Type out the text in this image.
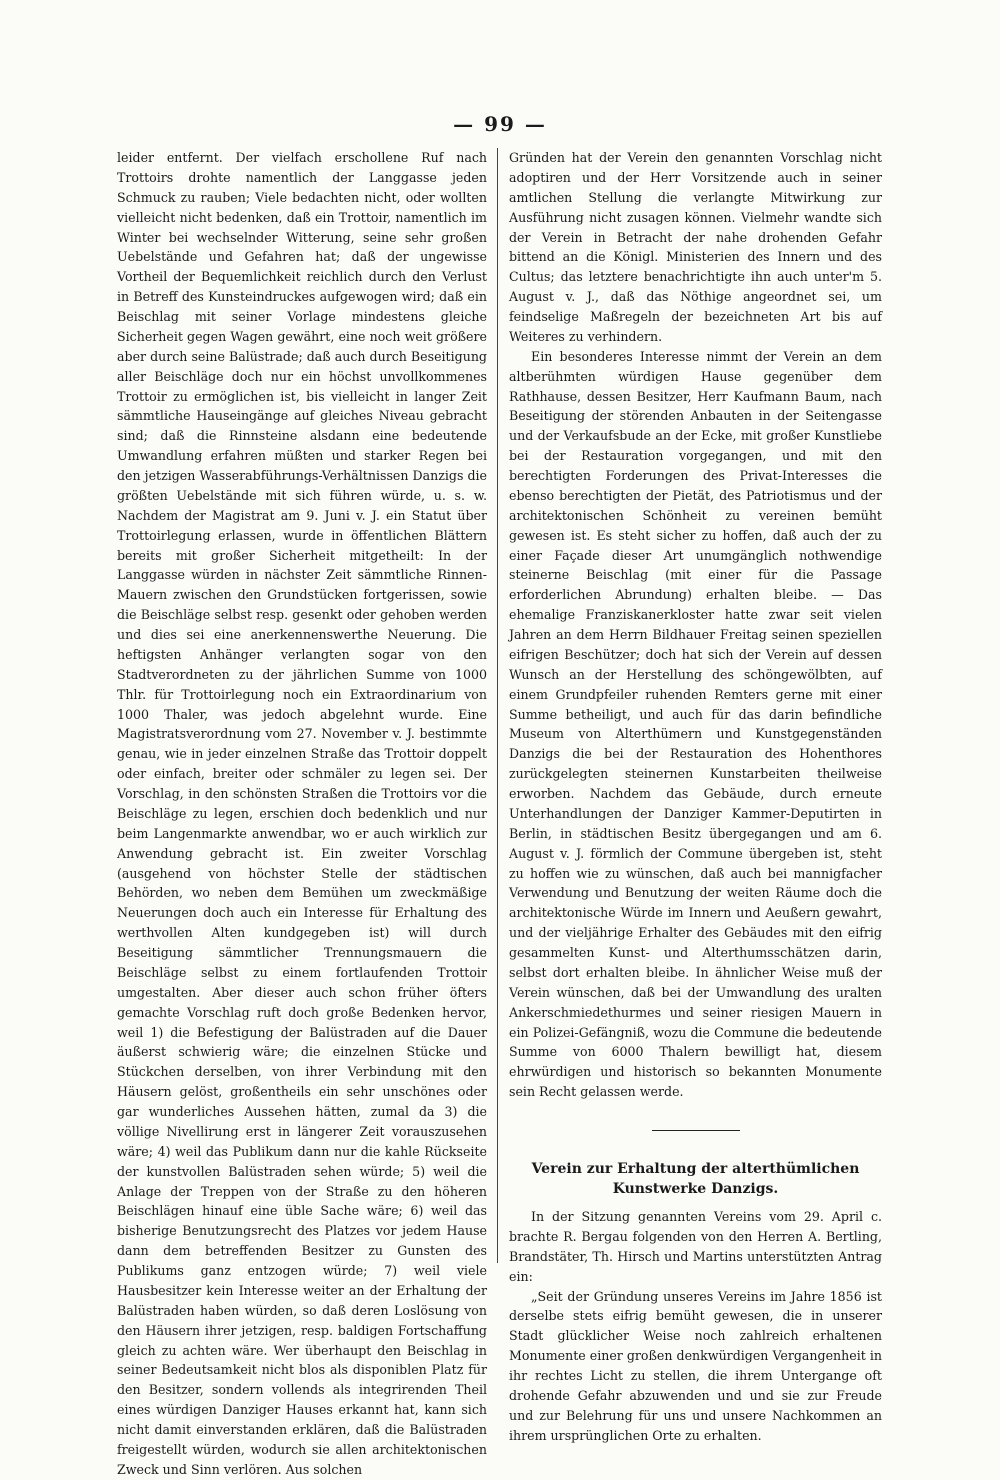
— 99 —

leider entfernt. Der vielfach erschollene Ruf nach Trottoirs drohte namentlich der Langgasse jeden Schmuck zu rauben; Viele bedachten nicht, oder wollten vielleicht nicht bedenken, daß ein Trottoir, namentlich im Winter bei wechselnder Witterung, seine sehr großen Uebelstände und Gefahren hat; daß der ungewisse Vortheil der Bequemlichkeit reichlich durch den Verlust in Betreff des Kunsteindruckes aufgewogen wird; daß ein Beischlag mit seiner Vorlage mindestens gleiche Sicherheit gegen Wagen gewährt, eine noch weit größere aber durch seine Balüstrade; daß auch durch Beseitigung aller Beischläge doch nur ein höchst unvollkommenes Trottoir zu ermöglichen ist, bis vielleicht in langer Zeit sämmtliche Hauseingänge auf gleiches Niveau gebracht sind; daß die Rinnsteine alsdann eine bedeutende Umwandlung erfahren müßten und starker Regen bei den jetzigen Wasserabführungs-Verhältnissen Danzigs die größten Uebelstände mit sich führen würde, u. s. w. Nachdem der Magistrat am 9. Juni v. J. ein Statut über Trottoirlegung erlassen, wurde in öffentlichen Blättern bereits mit großer Sicherheit mitgetheilt: In der Langgasse würden in nächster Zeit sämmtliche Rinnen-Mauern zwischen den Grundstücken fortgerissen, sowie die Beischläge selbst resp. gesenkt oder gehoben werden und dies sei eine anerkennenswerthe Neuerung. Die heftigsten Anhänger verlangten sogar von den Stadtverordneten zu der jährlichen Summe von 1000 Thlr. für Trottoirlegung noch ein Extraordinarium von 1000 Thaler, was jedoch abgelehnt wurde. Eine Magistratsverordnung vom 27. November v. J. bestimmte genau, wie in jeder einzelnen Straße das Trottoir doppelt oder einfach, breiter oder schmäler zu legen sei. Der Vorschlag, in den schönsten Straßen die Trottoirs vor die Beischläge zu legen, erschien doch bedenklich und nur beim Langenmarkte anwendbar, wo er auch wirklich zur Anwendung gebracht ist. Ein zweiter Vorschlag (ausgehend von höchster Stelle der städtischen Behörden, wo neben dem Bemühen um zweckmäßige Neuerungen doch auch ein Interesse für Erhaltung des werthvollen Alten kundgegeben ist) will durch Beseitigung sämmtlicher Trennungsmauern die Beischläge selbst zu einem fortlaufenden Trottoir umgestalten. Aber dieser auch schon früher öfters gemachte Vorschlag ruft doch große Bedenken hervor, weil 1) die Befestigung der Balüstraden auf die Dauer äußerst schwierig wäre; die einzelnen Stücke und Stückchen derselben, von ihrer Verbindung mit den Häusern gelöst, großentheils ein sehr unschönes oder gar wunderliches Aussehen hätten, zumal da 3) die völlige Nivellirung erst in längerer Zeit vorauszusehen wäre; 4) weil das Publikum dann nur die kahle Rückseite der kunstvollen Balüstraden sehen würde; 5) weil die Anlage der Treppen von der Straße zu den höheren Beischlägen hinauf eine üble Sache wäre; 6) weil das bisherige Benutzungsrecht des Platzes vor jedem Hause dann dem betreffenden Besitzer zu Gunsten des Publikums ganz entzogen würde; 7) weil viele Hausbesitzer kein Interesse weiter an der Erhaltung der Balüstraden haben würden, so daß deren Loslösung von den Häusern ihrer jetzigen, resp. baldigen Fortschaffung gleich zu achten wäre. Wer überhaupt den Beischlag in seiner Bedeutsamkeit nicht blos als disponiblen Platz für den Besitzer, sondern vollends als integrirenden Theil eines würdigen Danziger Hauses erkannt hat, kann sich nicht damit einverstanden erklären, daß die Balüstraden freigestellt würden, wodurch sie allen architektonischen Zweck und Sinn verlören. Aus solchen

Gründen hat der Verein den genannten Vorschlag nicht adoptiren und der Herr Vorsitzende auch in seiner amtlichen Stellung die verlangte Mitwirkung zur Ausführung nicht zusagen können. Vielmehr wandte sich der Verein in Betracht der nahe drohenden Gefahr bittend an die Königl. Ministerien des Innern und des Cultus; das letztere benachrichtigte ihn auch unter'm 5. August v. J., daß das Nöthige angeordnet sei, um feindselige Maßregeln der bezeichneten Art bis auf Weiteres zu verhindern.

Ein besonderes Interesse nimmt der Verein an dem altberühmten würdigen Hause gegenüber dem Rathhause, dessen Besitzer, Herr Kaufmann Baum, nach Beseitigung der störenden Anbauten in der Seitengasse und der Verkaufsbude an der Ecke, mit großer Kunstliebe bei der Restauration vorgegangen, und mit den berechtigten Forderungen des Privat-Interesses die ebenso berechtigten der Pietät, des Patriotismus und der architektonischen Schönheit zu vereinen bemüht gewesen ist. Es steht sicher zu hoffen, daß auch der zu einer Façade dieser Art unumgänglich nothwendige steinerne Beischlag (mit einer für die Passage erforderlichen Abrundung) erhalten bleibe. — Das ehemalige Franziskanerkloster hatte zwar seit vielen Jahren an dem Herrn Bildhauer Freitag seinen speziellen eifrigen Beschützer; doch hat sich der Verein auf dessen Wunsch an der Herstellung des schöngewölbten, auf einem Grundpfeiler ruhenden Remters gerne mit einer Summe betheiligt, und auch für das darin befindliche Museum von Alterthümern und Kunstgegenständen Danzigs die bei der Restauration des Hohenthores zurückgelegten steinernen Kunstarbeiten theilweise erworben. Nachdem das Gebäude, durch erneute Unterhandlungen der Danziger Kammer-Deputirten in Berlin, in städtischen Besitz übergegangen und am 6. August v. J. förmlich der Commune übergeben ist, steht zu hoffen wie zu wünschen, daß auch bei mannigfacher Verwendung und Benutzung der weiten Räume doch die architektonische Würde im Innern und Aeußern gewahrt, und der vieljährige Erhalter des Gebäudes mit den eifrig gesammelten Kunst- und Alterthumsschätzen darin, selbst dort erhalten bleibe. In ähnlicher Weise muß der Verein wünschen, daß bei der Umwandlung des uralten Ankerschmiedethurmes und seiner riesigen Mauern in ein Polizei-Gefängniß, wozu die Commune die bedeutende Summe von 6000 Thalern bewilligt hat, diesem ehrwürdigen und historisch so bekannten Monumente sein Recht gelassen werde.

Verein zur Erhaltung der alterthümlichen Kunstwerke Danzigs.

In der Sitzung genannten Vereins vom 29. April c. brachte R. Bergau folgenden von den Herren A. Bertling, Brandstäter, Th. Hirsch und Martins unterstützten Antrag ein:

„Seit der Gründung unseres Vereins im Jahre 1856 ist derselbe stets eifrig bemüht gewesen, die in unserer Stadt glücklicher Weise noch zahlreich erhaltenen Monumente einer großen denkwürdigen Vergangenheit in ihr rechtes Licht zu stellen, die ihrem Untergange oft drohende Gefahr abzuwenden und und sie zur Freude und zur Belehrung für uns und unsere Nachkommen an ihrem ursprünglichen Orte zu erhalten.
